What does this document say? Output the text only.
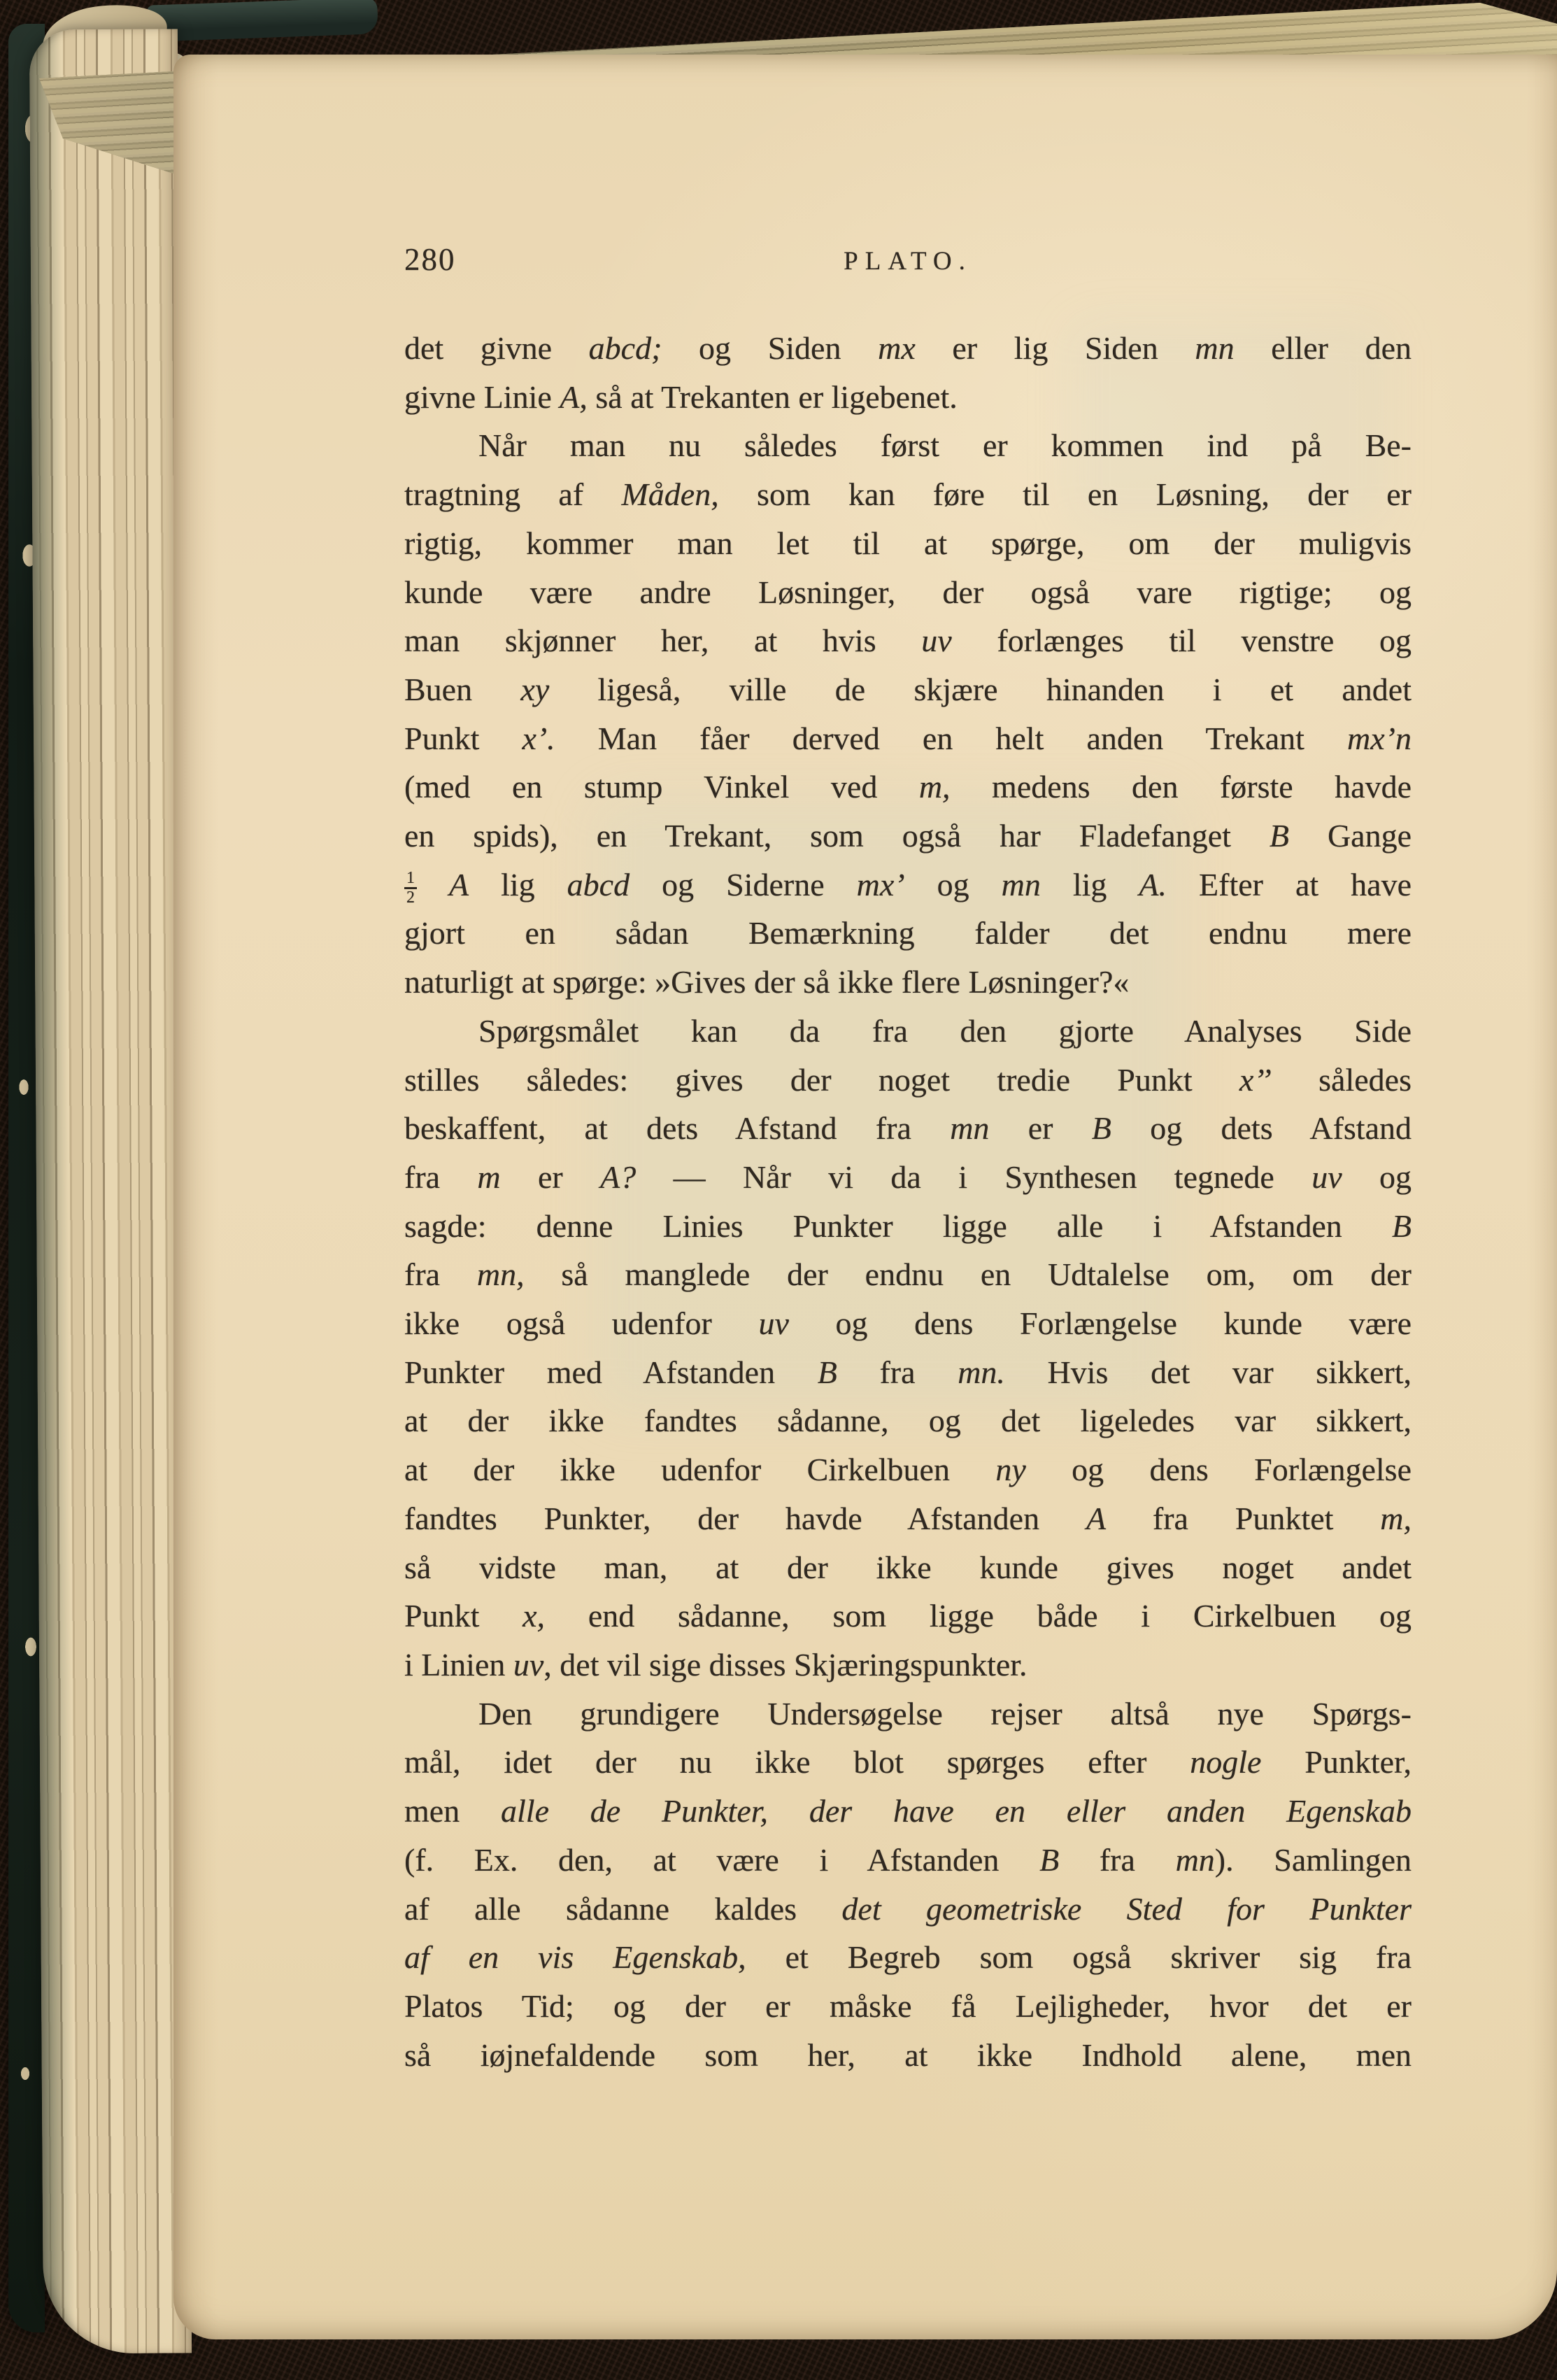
280	PLATO.
det givne abcd; og Siden mx er lig Siden mn eller den
givne Linie A, så at Trekanten er ligebenet.
Når man nu således først er kommen ind på Be-
tragtning af Måden, som kan føre til en Løsning, der er
rigtig, kommer man let til at spørge, om der muligvis
kunde være andre Løsninger, der også vare rigtige; og
man skjønner her, at hvis uv forlænges til venstre og
Buen xy ligeså, ville de skjære hinanden i et andet
Punkt x’. Man fåer derved en helt anden Trekant mx’n
(med en stump Vinkel ved m, medens den første havde
en spids), en Trekant, som også har Fladefanget B Gange
$\frac{1}{2}$ A lig abcd og Siderne mx’ og mn lig A. Efter at have
gjort en sådan Bemærkning falder det endnu mere
naturligt at spørge: »Gives der så ikke flere Løsninger?«
Spørgsmålet kan da fra den gjorte Analyses Side
stilles således: gives der noget tredie Punkt x’’ således
beskaffent, at dets Afstand fra mn er B og dets Afstand
fra m er A? — Når vi da i Synthesen tegnede uv og
sagde: denne Linies Punkter ligge alle i Afstanden B
fra mn, så manglede der endnu en Udtalelse om, om der
ikke også udenfor uv og dens Forlængelse kunde være
Punkter med Afstanden B fra mn. Hvis det var sikkert,
at der ikke fandtes sådanne, og det ligeledes var sikkert,
at der ikke udenfor Cirkelbuen ny og dens Forlængelse
fandtes Punkter, der havde Afstanden A fra Punktet m,
så vidste man, at der ikke kunde gives noget andet
Punkt x, end sådanne, som ligge både i Cirkelbuen og
i Linien uv, det vil sige disses Skjæringspunkter.
Den grundigere Undersøgelse rejser altså nye Spørgs-
mål, idet der nu ikke blot spørges efter nogle Punkter,
men alle de Punkter, der have en eller anden Egenskab
(f. Ex. den, at være i Afstanden B fra mn). Samlingen
af alle sådanne kaldes det geometriske Sted for Punkter
af en vis Egenskab, et Begreb som også skriver sig fra
Platos Tid; og der er måske få Lejligheder, hvor det er
så iøjnefaldende som her, at ikke Indhold alene, men
